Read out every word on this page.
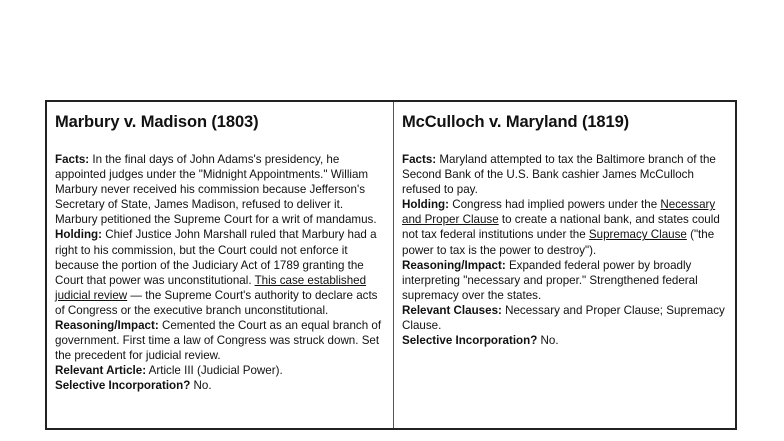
Marbury v. Madison (1803)

Facts: In the final days of John Adams's presidency, he appointed judges under the "Midnight Appointments." William Marbury never received his commission because Jefferson's Secretary of State, James Madison, refused to deliver it. Marbury petitioned the Supreme Court for a writ of mandamus.

Holding: Chief Justice John Marshall ruled that Marbury had a right to his commission, but the Court could not enforce it because the portion of the Judiciary Act of 1789 granting the Court that power was unconstitutional. This case established judicial review — the Supreme Court's authority to declare acts of Congress or the executive branch unconstitutional.

Reasoning/Impact: Cemented the Court as an equal branch of government. First time a law of Congress was struck down. Set the precedent for judicial review.

Relevant Article: Article III (Judicial Power).

Selective Incorporation? No.

McCulloch v. Maryland (1819)

Facts: Maryland attempted to tax the Baltimore branch of the Second Bank of the U.S. Bank cashier James McCulloch refused to pay.

Holding: Congress had implied powers under the Necessary and Proper Clause to create a national bank, and states could not tax federal institutions under the Supremacy Clause ("the power to tax is the power to destroy").

Reasoning/Impact: Expanded federal power by broadly interpreting "necessary and proper." Strengthened federal supremacy over the states.

Relevant Clauses: Necessary and Proper Clause; Supremacy Clause.

Selective Incorporation? No.
